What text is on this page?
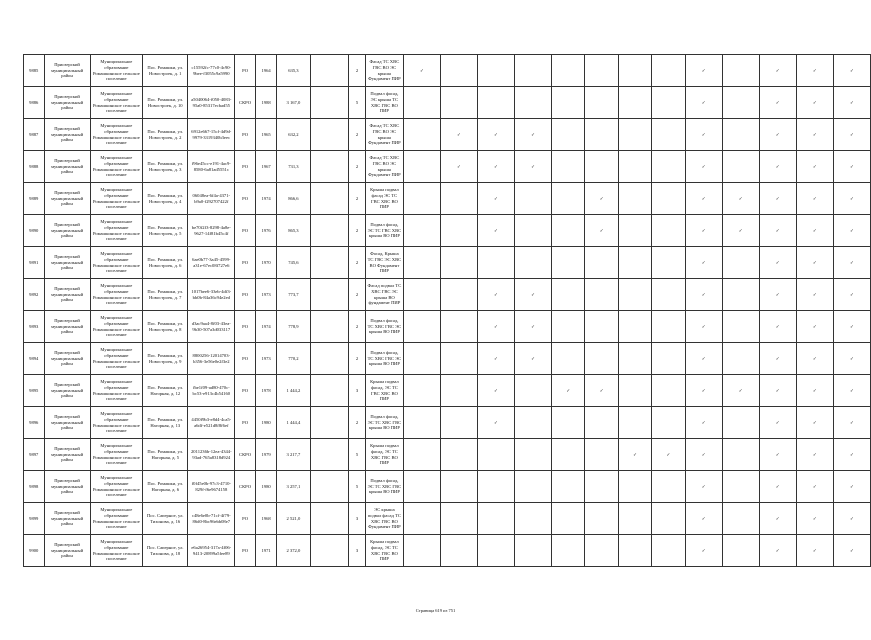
9885	Приозерский муниципальный район	Муниципальное образование Ромашкинское сельское поселение	Пос. Ромашки, ул. Новостроек, д. 1	c15592fc-77c0-4c90-9bee-f3055c9a5990	РО	1964	635,3		2	Фасад ТС ХВС ГВС ВО ЭС крыша Фундамент ПИР	✓								✓		✓	✓	✓
9886	Приозерский муниципальный район	Муниципальное образование Ромашкинское сельское поселение	Пос. Ромашки, ул. Новостроек, д. 10	a5040064-f050-4083-95a0-85317ecbad55	СКРО	1988	3 167,0		5	Подвал фасад, ЭС крыша ТС ХВС ГВС ВО ПИР									✓		✓	✓	✓
9887	Приозерский муниципальный район	Муниципальное образование Ромашкинское сельское поселение	Пос. Ромашки, ул. Новостроек, д. 2	6912e667-15cf-4d9d-9979-3319340b3eec	РО	1965	632,2		2	Фасад ТС ХВС ГВС ВО ЭС крыша Фундамент ПИР		✓	✓	✓					✓		✓	✓	✓
9888	Приозерский муниципальный район	Муниципальное образование Ромашкинское сельское поселение	Пос. Ромашки, ул. Новостроек, д. 3	f96e45cc-e191-4ac9-8580-6a81ad5551c	РО	1967	731,3		2	Фасад ТС ХВС ГВС ВО ЭС крыша Фундамент ПИР		✓	✓	✓					✓		✓	✓	✓
9889	Приозерский муниципальный район	Муниципальное образование Ромашкинское сельское поселение	Пос. Ромашки, ул. Новостроек, д. 4	06048ea-6f4a-4371-b9a0-f292707422f	РО	1974	866,6		2	Крыша подвал фасад ЭС ТС ГВС ХВС ВО ПИР			✓			✓			✓	✓	✓	✓	✓
9890	Приозерский муниципальный район	Муниципальное образование Ромашкинское сельское поселение	Пос. Ромашки, ул. Новостроек, д. 5	be70f2f3-8298-4a8e-9627-14f81b45c4f	РО	1976	865,3		2	Подвал фасад, ЭС ТС ГВС ХВС крыша ВО ПИР			✓			✓			✓	✓	✓	✓	✓
9891	Приозерский муниципальный район	Муниципальное образование Ромашкинское сельское поселение	Пос. Ромашки, ул. Новостроек, д. 6	6ae0b77-3a45-4599-a31e-67ec08f727e6	РО	1970	745,6		2	Фасад, Крыша ТС ГВС ЭС ХВС ВО Фундамент ПИР									✓		✓	✓	✓
9892	Приозерский муниципальный район	Муниципальное образование Ромашкинское сельское поселение	Пос. Ромашки, ул. Новостроек, д. 7	1017bee6-33eb-4df3-bb0b-84a36c94e2ed	РО	1973	773,7		2	Фасад подвал ТС ХВС ГВС ЭС крыша ВО фундамент ПИР			✓	✓					✓		✓	✓	✓
9893	Приозерский муниципальный район	Муниципальное образование Ромашкинское сельское поселение	Пос. Ромашки, ул. Новостроек, д. 8	d3ac9aa4-8f03-43ea-9b30-507a3d033117	РО	1974	778,9		2	Подвал фасад, ТС ХВС ГВС ЭС крыша ВО ПИР			✓	✓					✓		✓	✓	✓
9894	Приозерский муниципальный район	Муниципальное образование Ромашкинское сельское поселение	Пос. Ромашки, ул. Новостроек, д. 9	8800256-12014703-b356-3e56e0e2f3e2	РО	1973	770,2		2	Подвал фасад, ТС ХВС ГВС ЭС крыша ВО ПИР			✓	✓					✓		✓	✓	✓
9895	Приозерский муниципальный район	Муниципальное образование Ромашкинское сельское поселение	Пос. Ромашки, ул. Нагорная, д. 12	fbe1f09-ad80-470c-bc53-e913c4b54160	РО	1978	1 444,2		3	Крыша подвал фасад, ЭС ТС ГВС ХВС ВО ПИР			✓		✓	✓			✓	✓	✓	✓	✓
9896	Приозерский муниципальный район	Муниципальное образование Ромашкинское сельское поселение	Пос. Ромашки, ул. Нагорная, д. 13	4450f9b3-e8d4-4ca5-a6df-e521d8f8f6ef	РО	1980	1 444,4		2	Подвал фасад, ЭС ТС ХВС ГВС крыша ВО ПИР			✓						✓		✓	✓	✓
9897	Приозерский муниципальный район	Муниципальное образование Ромашкинское сельское поселение	Пос. Ромашки, ул. Нагорная, д. 5	2011236b-12ea-4344-93ad-765a8318d924	СКРО	1979	3 217,7		5	Крыша подвал фасад, ЭС ТС ХВС ГВС ВО ПИР							✓	✓	✓		✓	✓	✓
9898	Приозерский муниципальный район	Муниципальное образование Ромашкинское сельское поселение	Пос. Ромашки, ул. Нагорная, д. 6	f0f45e0b-97c3-4710-829f-f6e9674158	СКРО	1980	3 257,1		5	Подвал фасад, ЭС ТС ХВС ГВС крыша ВО ПИР									✓		✓	✓	✓
9899	Приозерский муниципальный район	Муниципальное образование Ромашкинское сельское поселение	Пос. Саперное, ул. Тихонова, д. 16	c48e6e0b-71cf-4f79-86d0-8bc96ebb08e7	РО	1968	2 521,0		3	ЭС крыша подвал фасад ТС ХВС ГВС ВО Фундамент ПИР									✓		✓	✓	✓
9900	Приозерский муниципальный район	Муниципальное образование Ромашкинское сельское поселение	Пос. Саперное, ул. Тихонова, д. 18	e6a26954-317a-4f06-9413-20899a5fee89	РО	1971	2 372,0		3	Крыша подвал фасад, ЭС ТС ХВС ГВС ВО ПИР									✓		✓	✓	✓
Страница 619 из 751
